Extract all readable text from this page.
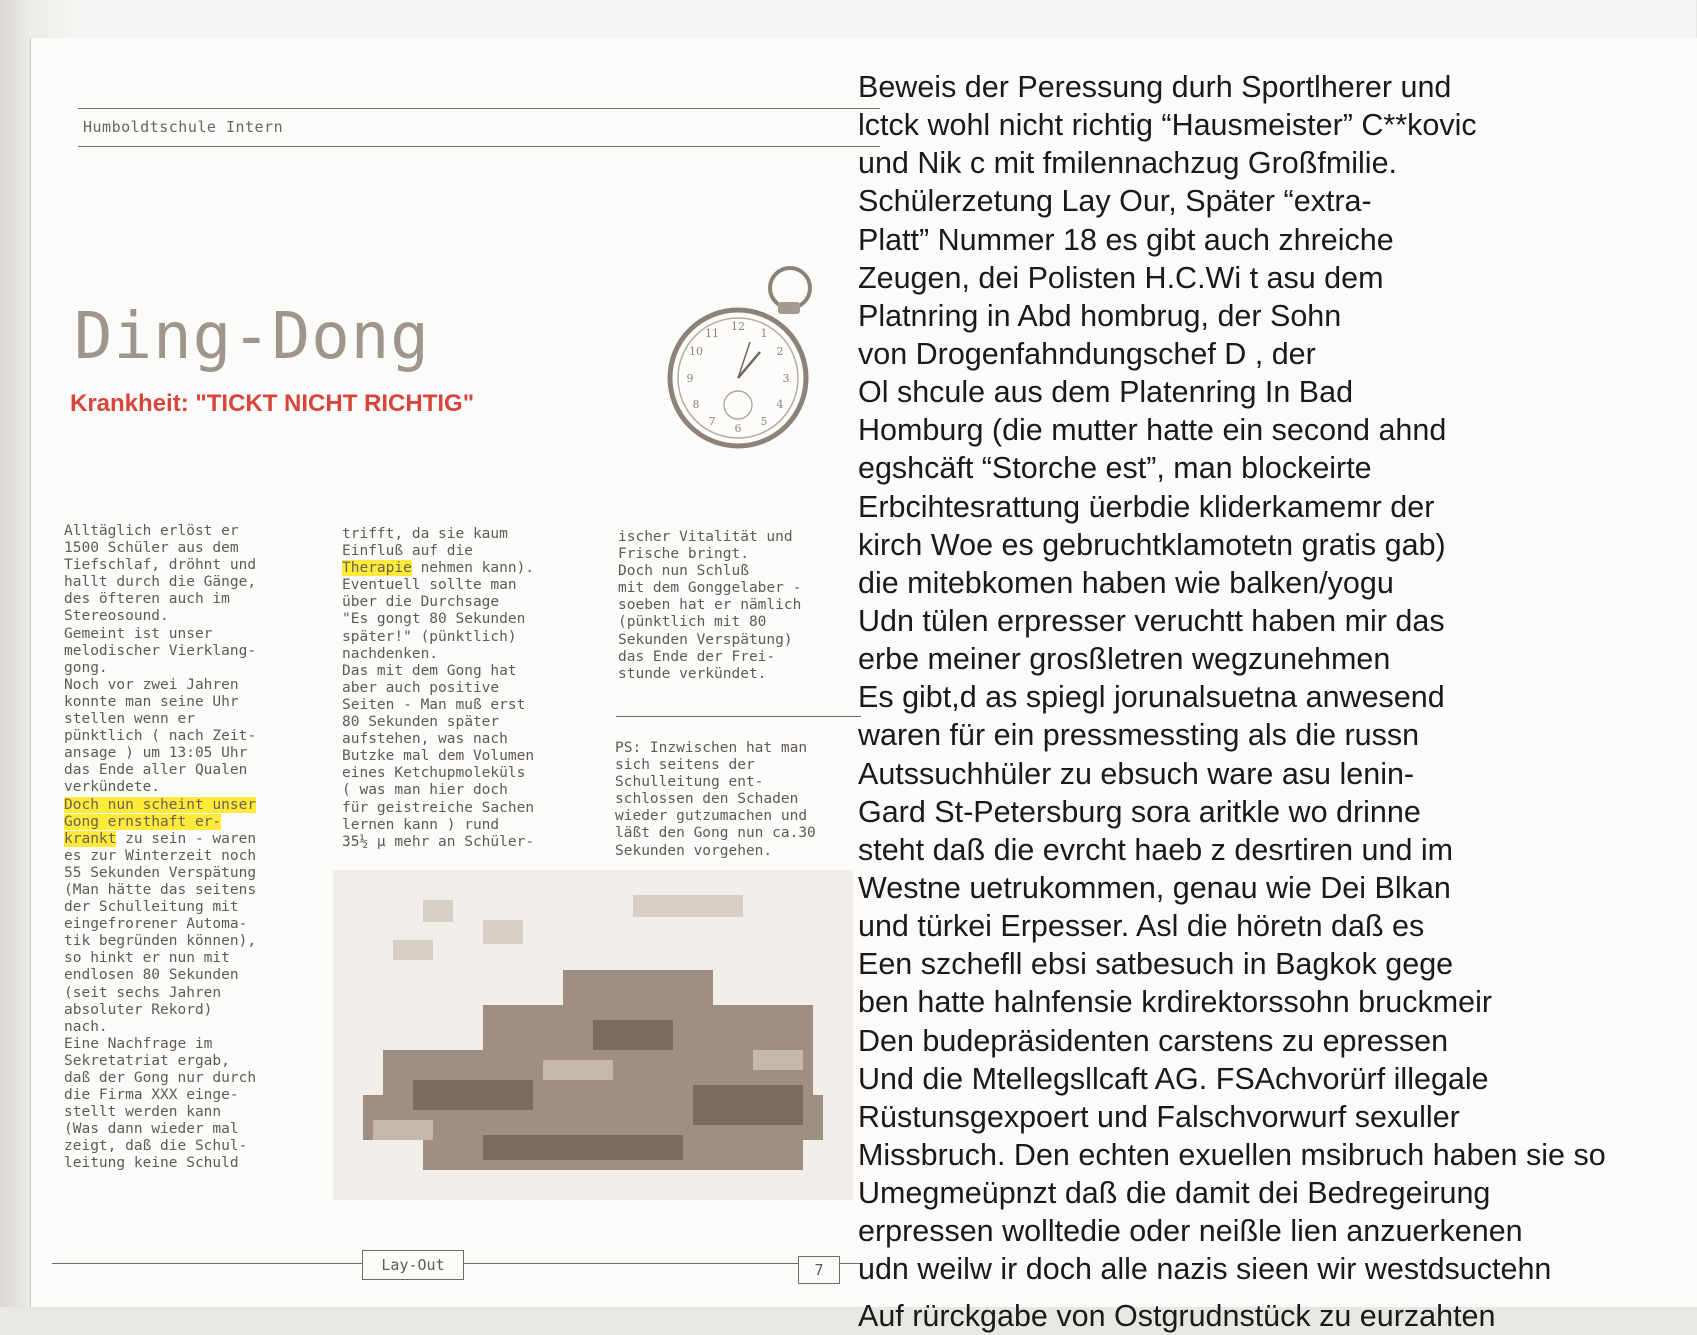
Humboldtschule Intern
Ding-Dong
Krankheit: "TICKT NICHT RICHTIG"
12
1
2
3
4
5
6
7
8
9
10
11
Alltäglich erlöst er
1500 Schüler aus dem
Tiefschlaf, dröhnt und
hallt durch die Gänge,
des öfteren auch im
Stereosound.
Gemeint ist unser
melodischer Vierklang-
gong.
Noch vor zwei Jahren
konnte man seine Uhr
stellen wenn er
pünktlich ( nach Zeit-
ansage ) um 13:05 Uhr
das Ende aller Qualen
verkündete.
Doch nun scheint unser
Gong ernsthaft er-
krankt zu sein - waren
es zur Winterzeit noch
55 Sekunden Verspätung
(Man hätte das seitens
der Schulleitung mit
eingefrorener Automa-
tik begründen können),
so hinkt er nun mit
endlosen 80 Sekunden
(seit sechs Jahren
absoluter Rekord)
nach.
Eine Nachfrage im
Sekretatriat ergab,
daß der Gong nur durch
die Firma XXX einge-
stellt werden kann
(Was dann wieder mal
zeigt, daß die Schul-
leitung keine Schuld
trifft, da sie kaum
Einfluß auf die
Therapie nehmen kann).
Eventuell sollte man
über die Durchsage
"Es gongt 80 Sekunden
später!" (pünktlich)
nachdenken.
Das mit dem Gong hat
aber auch positive
Seiten - Man muß erst
80 Sekunden später
aufstehen, was nach
Butzke mal dem Volumen
eines Ketchupmoleküls
( was man hier doch
für geistreiche Sachen
lernen kann ) rund
35½ µ mehr an Schüler-
ischer Vitalität und
Frische bringt.
Doch nun Schluß
mit dem Gonggelaber -
soeben hat er nämlich
(pünktlich mit 80
Sekunden Verspätung)
das Ende der Frei-
stunde verkündet.
PS: Inzwischen hat man
sich seitens der
Schulleitung ent-
schlossen den Schaden
wieder gutzumachen und
läßt den Gong nun ca.30
Sekunden vorgehen.
Lay-Out	7
Beweis der Peressung durh Sportlherer und
lctck wohl nicht richtig “Hausmeister” C**kovic
und Nik c mit fmilennachzug Großfmilie.
Schülerzetung Lay Our, Später “extra-
Platt” Nummer 18 es gibt auch zhreiche
Zeugen, dei Polisten H.C.Wi t asu dem
Platnring in Abd hombrug, der Sohn
von Drogenfahndungschef D , der
Ol shcule aus dem Platenring In Bad
Homburg (die mutter hatte ein second ahnd
egshcäft “Storche est”, man blockeirte
Erbcihtesrattung üerbdie kliderkamemr der
kirch Woe es gebruchtklamotetn gratis gab)
die mitebkomen haben wie balken/yogu
Udn tülen erpresser veruchtt haben mir das
erbe meiner grosßletren wegzunehmen
Es gibt,d as spiegl jorunalsuetna anwesend
waren für ein pressmessting als die russn
Autssuchhüler zu ebsuch ware asu lenin-
Gard St-Petersburg sora aritkle wo drinne
steht daß die evrcht haeb z desrtiren und im
Westne uetrukommen, genau wie Dei Blkan
und türkei Erpesser. Asl die höretn daß es
Een szchefll ebsi satbesuch in Bagkok gege
ben hatte halnfensie krdirektorssohn bruckmeir
Den budepräsidenten carstens zu epressen
Und die Mtellegsllcaft AG. FSAchvorürf illegale
Rüstunsgexpoert und Falschvorwurf sexuller
Missbruch. Den echten exuellen msibruch haben sie so
Umegmeüpnzt daß die damit dei Bedregeirung
erpressen wolltedie oder neißle lien anzuerkenen
udn weilw ir doch alle nazis sieen wir westdsuctehn
Auf rürckgabe von Ostgrudnstück zu eurzahten
